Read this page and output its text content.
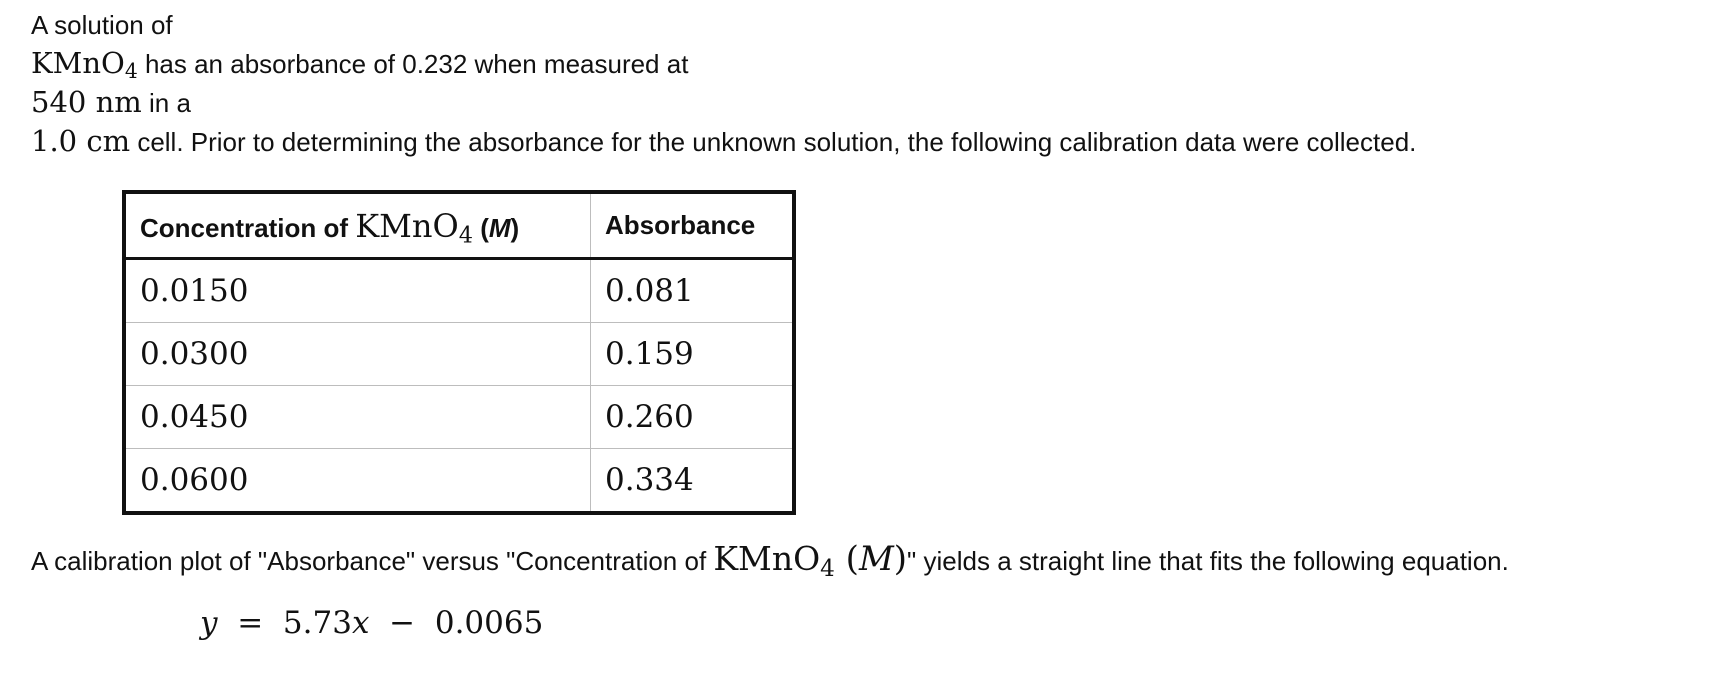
A solution of
KMnO$_4$ has an absorbance of 0.232 when measured at
540 nm in a
1.0 cm cell. Prior to determining the absorbance for the unknown solution, the following calibration data were collected.
Concentration of KMnO$_4$ (M)	Absorbance
0.0150	0.081
0.0300	0.159
0.0450	0.260
0.0600	0.334
A calibration plot of "Absorbance" versus "Concentration of KMnO$_4$ (M)" yields a straight line that fits the following equation.
y  =  5.73x  −  0.0065
